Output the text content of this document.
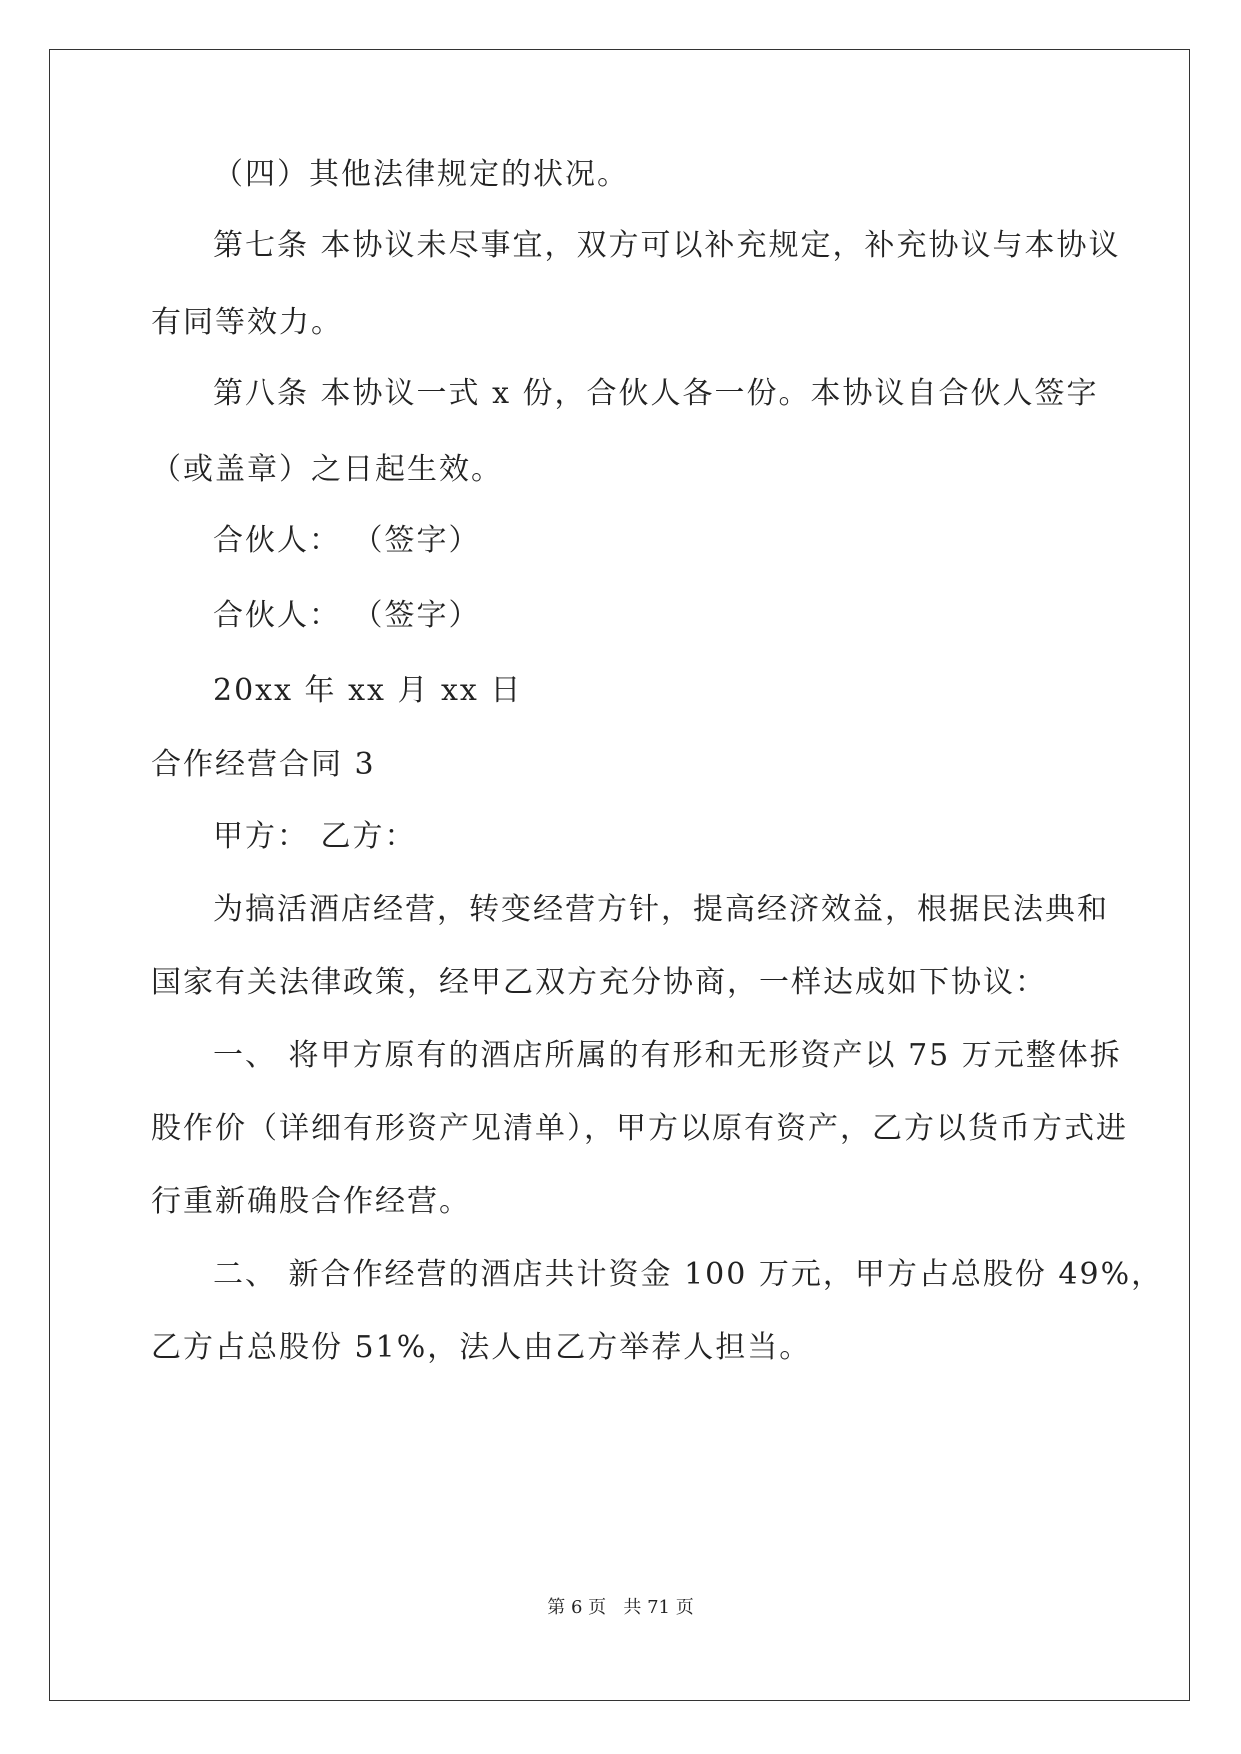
（四）其他法律规定的状况。
第七条 本协议未尽事宜，双方可以补充规定，补充协议与本协议
有同等效力。
第八条 本协议一式 x 份，合伙人各一份。本协议自合伙人签字
（或盖章）之日起生效。
合伙人： （签字）
合伙人： （签字）
20xx 年 xx 月 xx 日
合作经营合同 3
甲方： 乙方：
为搞活酒店经营，转变经营方针，提高经济效益，根据民法典和
国家有关法律政策，经甲乙双方充分协商，一样达成如下协议：
一、 将甲方原有的酒店所属的有形和无形资产以 75 万元整体拆
股作价（详细有形资产见清单），甲方以原有资产，乙方以货币方式进
行重新确股合作经营。
二、 新合作经营的酒店共计资金 100 万元，甲方占总股份 49%，
乙方占总股份 51%，法人由乙方举荐人担当。
第 6 页   共 71 页
